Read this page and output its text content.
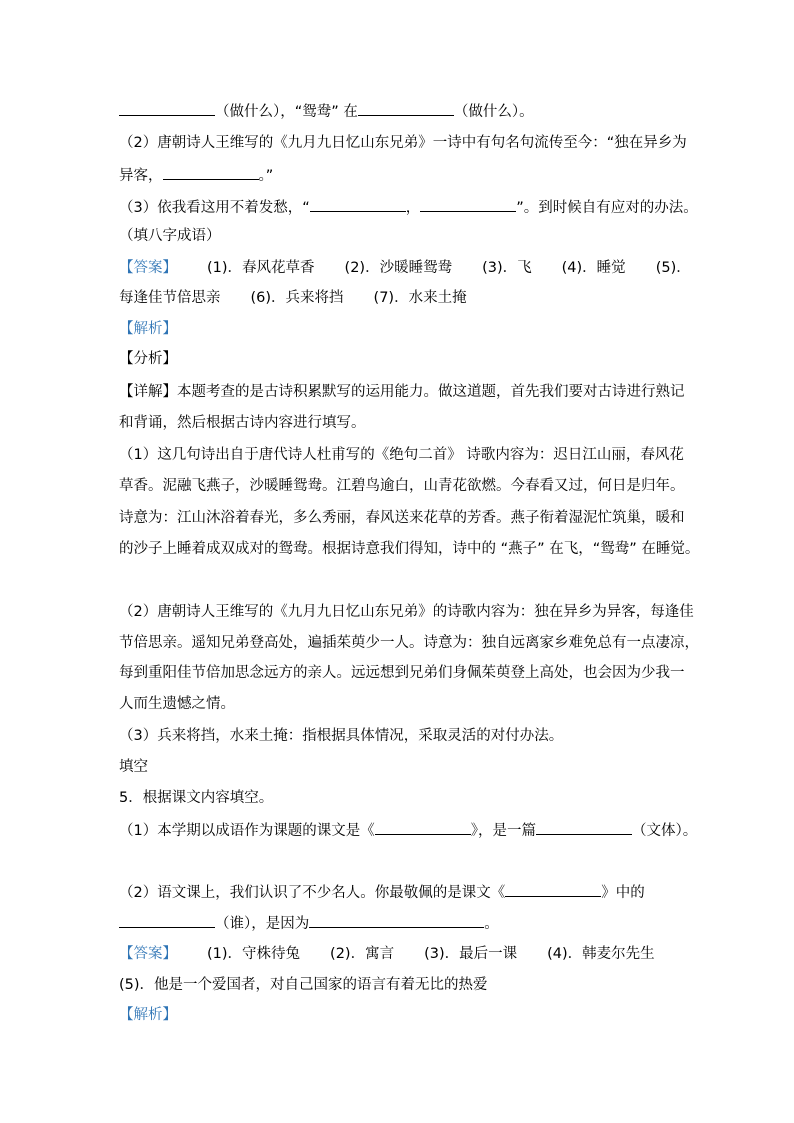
（做什么），“鸳鸯” 在	（做什么）。
（2）唐朝诗人王维写的《九月九日忆山东兄弟》一诗中有句名句流传至今：“独在异乡为
异客，	。”
（3）依我看这用不着发愁，“	，	”。到时候自有应对的办法。
（填八字成语）
【答案】 (1)．春风花草香 (2)．沙暖睡鸳鸯 (3)．飞 (4)．睡觉 (5)．
每逢佳节倍思亲 (6)．兵来将挡 (7)．水来土掩
【解析】
【分析】
【详解】本题考查的是古诗积累默写的运用能力。做这道题，首先我们要对古诗进行熟记
和背诵，然后根据古诗内容进行填写。
（1）这几句诗出自于唐代诗人杜甫写的《绝句二首》 诗歌内容为：迟日江山丽，春风花
草香。泥融飞燕子，沙暖睡鸳鸯。江碧鸟逾白，山青花欲燃。今春看又过，何日是归年。
诗意为：江山沐浴着春光，多么秀丽，春风送来花草的芳香。燕子衔着湿泥忙筑巢，暖和
的沙子上睡着成双成对的鸳鸯。根据诗意我们得知，诗中的 “燕子” 在飞，“鸳鸯” 在睡觉。
（2）唐朝诗人王维写的《九月九日忆山东兄弟》的诗歌内容为：独在异乡为异客，每逢佳
节倍思亲。遥知兄弟登高处，遍插茱萸少一人。诗意为：独自远离家乡难免总有一点凄凉，
每到重阳佳节倍加思念远方的亲人。远远想到兄弟们身佩茱萸登上高处，也会因为少我一
人而生遗憾之情。
（3）兵来将挡，水来土掩：指根据具体情况，采取灵活的对付办法。
填空
5．根据课文内容填空。
（1）本学期以成语作为课题的课文是《	》，是一篇	（文体）。
（2）语文课上，我们认识了不少名人。你最敬佩的是课文《	》中的
（谁），是因为	。
【答案】 (1)．守株待兔 (2)．寓言 (3)．最后一课 (4)．韩麦尔先生
(5)．他是一个爱国者，对自己国家的语言有着无比的热爱
【解析】
